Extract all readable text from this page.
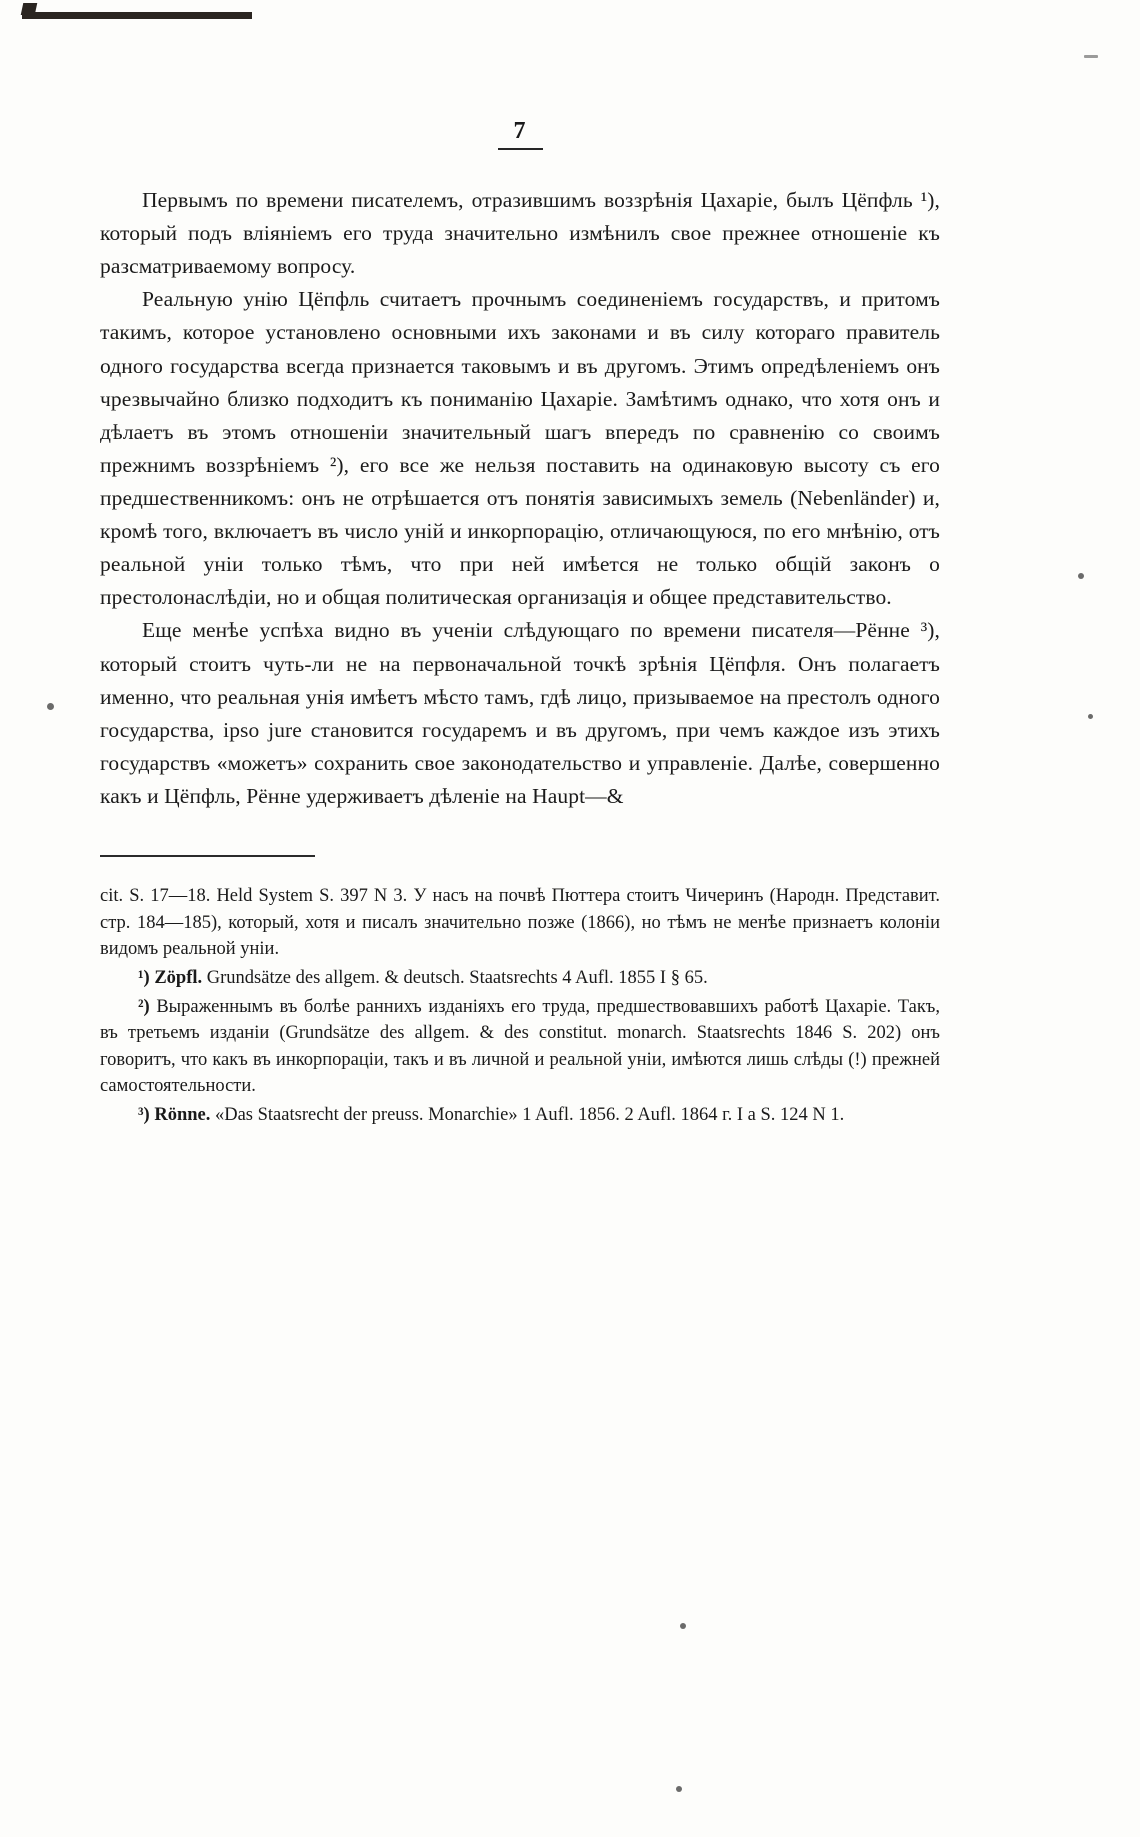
7

Первымъ по времени писателемъ, отразившимъ воззрѣнія Цахаріе, былъ Цёпфль ¹), который подъ вліяніемъ его труда значительно измѣнилъ свое прежнее отношеніе къ разсматриваемому вопросу.

Реальную унію Цёпфль считаетъ прочнымъ соединеніемъ государствъ, и притомъ такимъ, которое установлено основными ихъ законами и въ силу котораго правитель одного государства всегда признается таковымъ и въ другомъ. Этимъ опредѣленіемъ онъ чрезвычайно близко подходитъ къ пониманію Цахаріе. Замѣтимъ однако, что хотя онъ и дѣлаетъ въ этомъ отношеніи значительный шагъ впередъ по сравненію со своимъ прежнимъ воззрѣніемъ ²), его все же нельзя поставить на одинаковую высоту съ его предшественникомъ: онъ не отрѣшается отъ понятія зависимыхъ земель (Nebenländer) и, кромѣ того, включаетъ въ число уній и инкорпорацію, отличающуюся, по его мнѣнію, отъ реальной уніи только тѣмъ, что при ней имѣется не только общій законъ о престолонаслѣдіи, но и общая политическая организація и общее представительство.

Еще менѣе успѣха видно въ ученіи слѣдующаго по времени писателя—Рённе ³), который стоитъ чуть-ли не на первоначальной точкѣ зрѣнія Цёпфля. Онъ полагаетъ именно, что реальная унія имѣетъ мѣсто тамъ, гдѣ лицо, призываемое на престолъ одного государства, ipso jure становится государемъ и въ другомъ, при чемъ каждое изъ этихъ государствъ «можетъ» сохранить свое законодательство и управленіе. Далѣе, совершенно какъ и Цёпфль, Рённе удерживаетъ дѣленіе на Haupt—&

cit. S. 17—18. Held System S. 397 N 3. У насъ на почвѣ Пюттера стоитъ Чичеринъ (Народн. Представит. стр. 184—185), который, хотя и писалъ значительно позже (1866), но тѣмъ не менѣе признаетъ колоніи видомъ реальной уніи.

¹) Zöpfl. Grundsätze des allgem. & deutsch. Staatsrechts 4 Aufl. 1855 I § 65.

²) Выраженнымъ въ болѣе раннихъ изданіяхъ его труда, предшествовавшихъ работѣ Цахаріе. Такъ, въ третьемъ изданіи (Grundsätze des allgem. & des constitut. monarch. Staatsrechts 1846 S. 202) онъ говоритъ, что какъ въ инкорпораціи, такъ и въ личной и реальной уніи, имѣются лишь слѣды (!) прежней самостоятельности.

³) Rönne. «Das Staatsrecht der preuss. Monarchie» 1 Aufl. 1856. 2 Aufl. 1864 г. I a S. 124 N 1.
